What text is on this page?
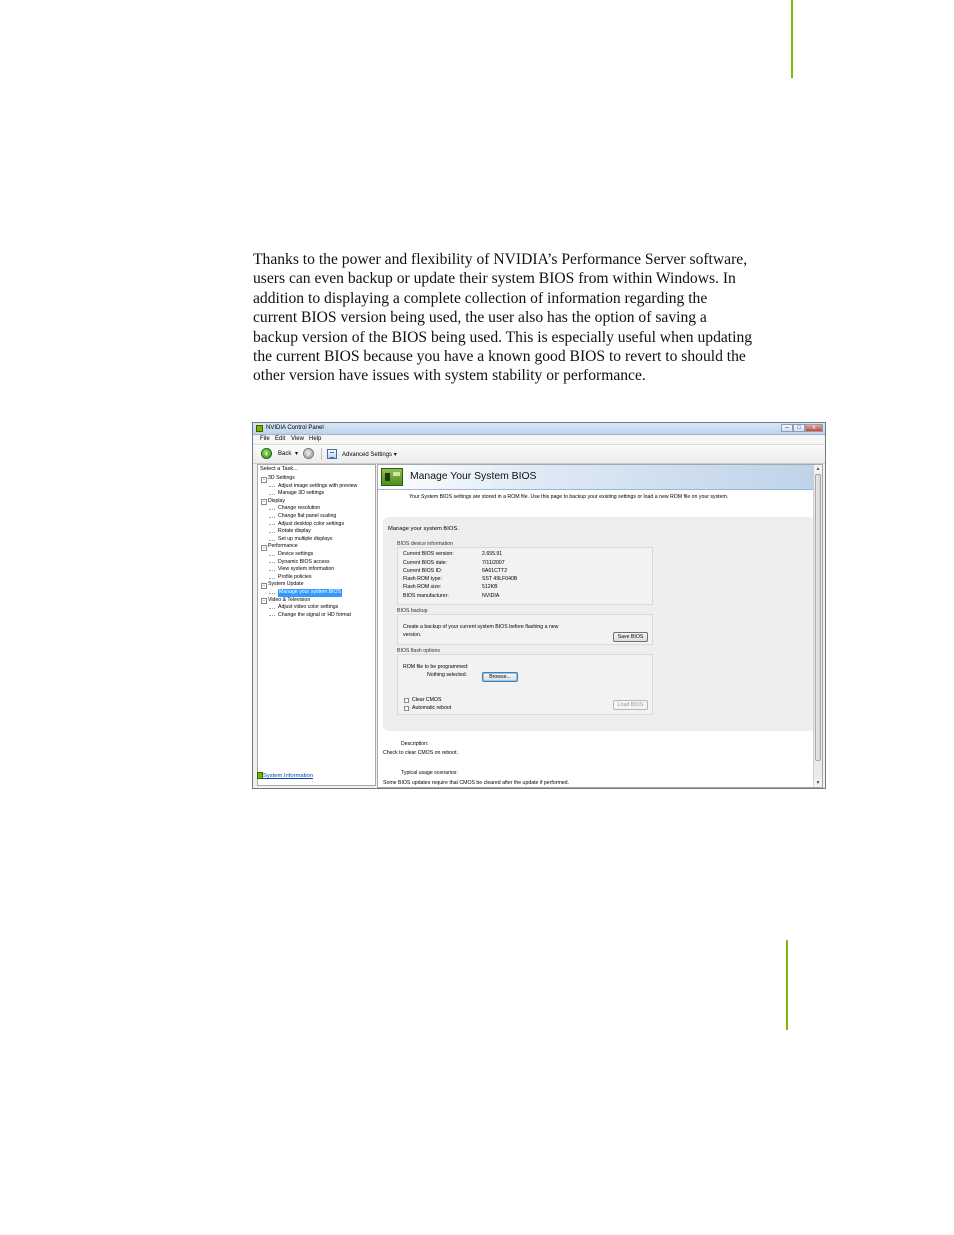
Thanks to the power and flexibility of NVIDIA’s Performance Server software,
users can even backup or update their system BIOS from within Windows. In
addition to displaying a complete collection of information regarding the
current BIOS version being used, the user also has the option of saving a
backup version of the BIOS being used. This is especially useful when updating
the current BIOS because you have a known good BIOS to revert to should the
other version have issues with system stability or performance.
NVIDIA Control Panel	–	□	x
File Edit View Help
‹	Back ▾	›	Advanced Settings ▾
Select a Task...
− 3D Settings
Adjust image settings with preview
Manage 3D settings
− Display
Change resolution
Change flat panel scaling
Adjust desktop color settings
Rotate display
Set up multiple displays
− Performance
Device settings
Dynamic BIOS access
View system information
Profile policies
− System Update
Manage your system BIOS
− Video & Television
Adjust video color settings
Change the signal or HD format
System Information
Manage Your System BIOS
Your System BIOS settings are stored in a ROM file. Use this page to backup your existing settings or load a new ROM file on your system.
Manage your system BIOS.
BIOS device information
Current BIOS version:	2.655.91
Current BIOS date:	7/11/2007
Current BIOS ID:	6A61CTT2
Flash ROM type:	SST 49LF040B
Flash ROM size:	512KB
BIOS manufacturer:	NVIDIA
BIOS backup
Create a backup of your current system BIOS before flashing a new
version.	Save BIOS
BIOS flash options
ROM file to be programmed:
Nothing selected.	Browse...
Clear CMOS
Automatic reboot	Load BIOS
Description:
Check to clear CMOS on reboot.
Typical usage scenarios:
Some BIOS updates require that CMOS be cleared after the update if performed.
▲
▼
